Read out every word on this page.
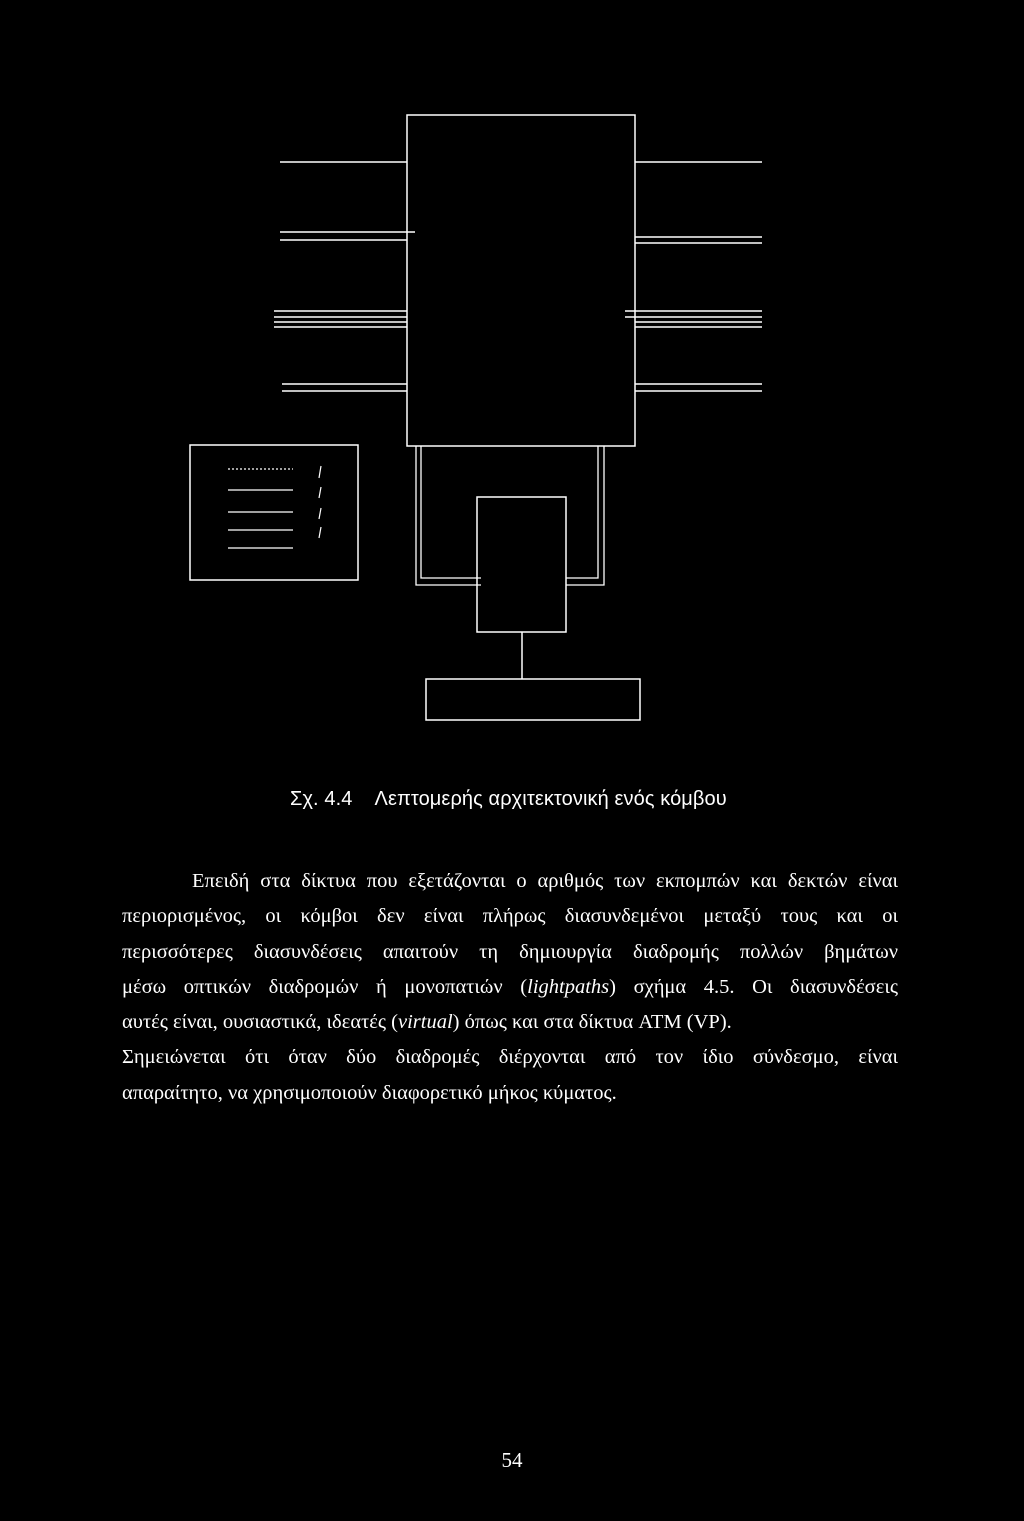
Σχ. 4.4 Λεπτομερής αρχιτεκτονική ενός κόμβου
Επειδή στα δίκτυα που εξετάζονται ο αριθμός των εκπομπών και δεκτών είναι
περιορισμένος, οι κόμβοι δεν είναι πλήρως διασυνδεμένοι μεταξύ τους και οι
περισσότερες διασυνδέσεις απαιτούν τη δημιουργία διαδρομής πολλών βημάτων
μέσω οπτικών διαδρομών ή μονοπατιών (lightpaths) σχήμα 4.5. Οι διασυνδέσεις
αυτές είναι, ουσιαστικά, ιδεατές (virtual) όπως και στα δίκτυα ATM (VP).
Σημειώνεται ότι όταν δύο διαδρομές διέρχονται από τον ίδιο σύνδεσμο, είναι
απαραίτητο, να χρησιμοποιούν διαφορετικό μήκος κύματος.
54
